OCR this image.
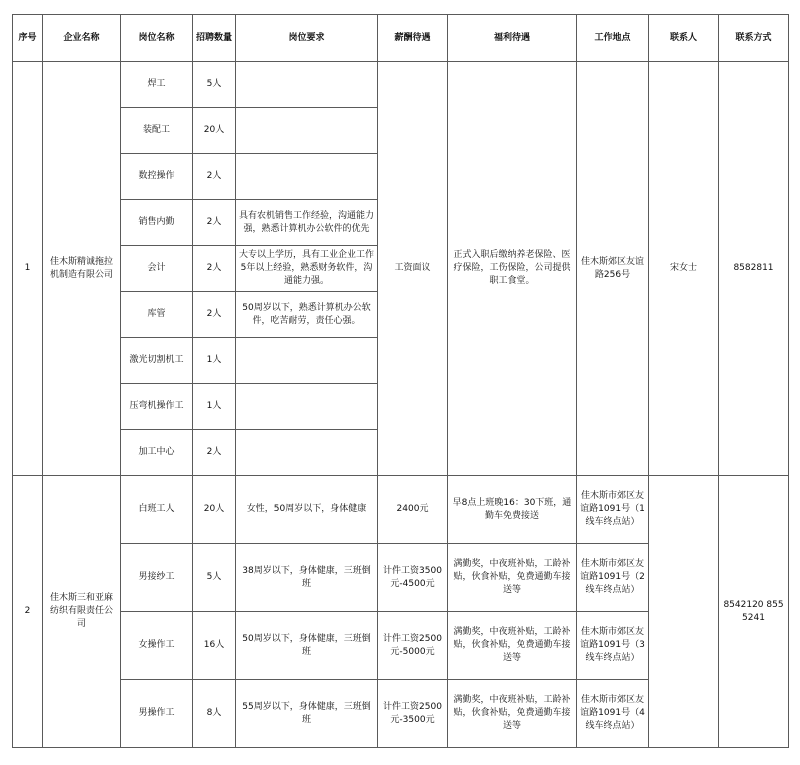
序号	企业名称	岗位名称	招聘数量	岗位要求	薪酬待遇	福利待遇	工作地点	联系人	联系方式
1	佳木斯精诚拖拉机制造有限公司	焊工	5人		工资面议	正式入职后缴纳养老保险、医疗保险，工伤保险，公司提供职工食堂。	佳木斯郊区友谊路256号	宋女士	8582811
		装配工	20人						
		数控操作	2人						
		销售内勤	2人	具有农机销售工作经验，沟通能力强，熟悉计算机办公软件的优先					
		会计	2人	大专以上学历，具有工业企业工作5年以上经验，熟悉财务软件，沟通能力强。					
		库管	2人	50周岁以下，熟悉计算机办公软件，吃苦耐劳，责任心强。					
		激光切割机工	1人						
		压弯机操作工	1人						
		加工中心	2人						
2	佳木斯三和亚麻纺织有限责任公司	白班工人	20人	女性，50周岁以下，身体健康	2400元	早8点上班晚16：30下班，通勤车免费接送	佳木斯市郊区友谊路1091号（1线车终点站）		8542120 8555241
		男接纱工	5人	38周岁以下，身体健康，三班倒班	计件工资3500元-4500元	满勤奖，中夜班补贴，工龄补贴，伙食补贴，免费通勤车接送等	佳木斯市郊区友谊路1091号（2线车终点站）		
		女操作工	16人	50周岁以下，身体健康，三班倒班	计件工资2500元-5000元	满勤奖，中夜班补贴，工龄补贴，伙食补贴，免费通勤车接送等	佳木斯市郊区友谊路1091号（3线车终点站）		
		男操作工	8人	55周岁以下，身体健康，三班倒班	计件工资2500元-3500元	满勤奖，中夜班补贴，工龄补贴，伙食补贴，免费通勤车接送等	佳木斯市郊区友谊路1091号（4线车终点站）		
